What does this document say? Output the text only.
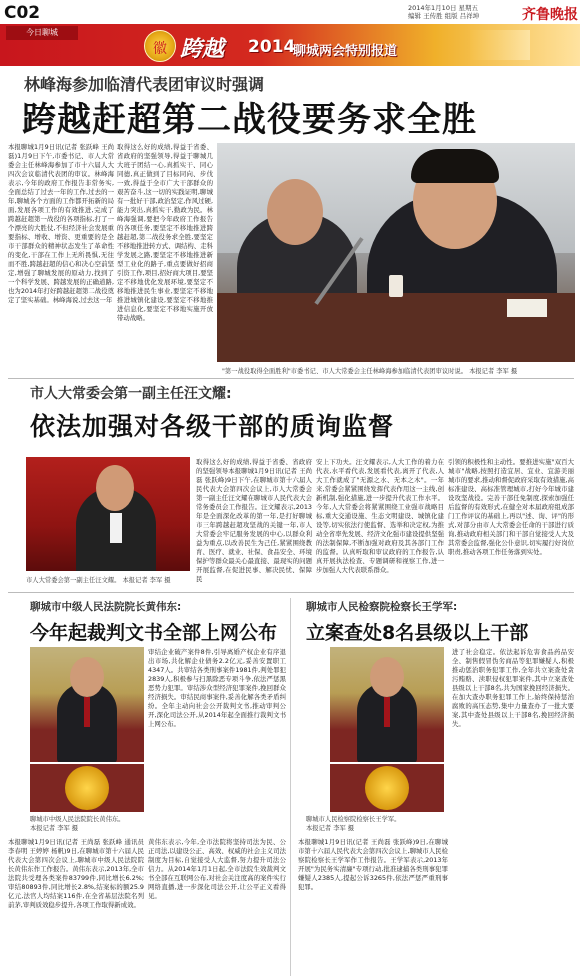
C02	2014年1月10日 星期五
编辑 王传胜 组版 吕祥坤	齐鲁晚报
今日聊城
徽 跨越 2014
聊城两会特别报道
林峰海参加临清代表团审议时强调
跨越赶超第二战役要务求全胜
本报聊城1月9日讯(记者 张跃峰 王尚磊)1月9日下午,市委书记、市人大常委会主任林峰海参加了市十六届人大四次会议临清代表团的审议。林峰海表示,今年的政府工作报告非常务实,全面总结了过去一年的工作,过去的一年,聊城各个方面的工作都开拓新的局面,发展各项工作的有效推进,完成了跨越赶超第一战役的各项指标,打了一个漂亮的大胜仗,不但经济社会发展重要指标、增收、增资、更重要的是全市干部群众的精神状态发生了革命性的变化,干部在工作上无所畏惧,无往而不胜,跨越赶超的信心和决心空前坚定,增强了聊城发展的原动力,找到了一个科学发展、跨越发展的正确道路,也为2014年打好跨越赶超第二战役奠定了坚实基础。林峰海说,过去这一年
取得这么好的成绩,得益于省委、省政府的坚强领导,得益于聊城几大班子团结一心,真抓实干、同心同德,真正做到了目标同向、步伐一致,得益于全市广大干部群众的艰苦奋斗,这一切的实践证明,聊城有一批好干部,政治坚定,作风过硬,能力突出,真抓实干,勤政为民。林峰海强调,要把今年政府工作报告的各项任务,要坚定不移地推进跨越赶超,第二战役务求全胜,要坚定不移地推进转方式、调结构、走科学发展之路,要坚定不移地推进新型工业化的路子,重点要做好招商引资工作,项目,招好商大项目,要坚定不移地优化发展环境,要坚定不移地推进民生事业,要坚定不移地推进城镇化建设,要坚定不移地推进信息化,要坚定不移地实施开放带动战略。
"第一战役取得全面胜利"市委书记、市人大常委会主任林峰海参加临清代表团审议时说。 本报记者 李军 摄
市人大常委会第一副主任汪文耀:
依法加强对各级干部的质询监督
市人大常委会第一副主任汪文耀。 本报记者 李军 摄
取得这么好的成绩,得益于省委、省政府的坚强领导本报聊城1月9日讯(记者 王尚磊 张跃峰)9日下午,在聊城市第十六届人民代表大会第四次会议上,市人大常委会第一副主任汪文耀在聊城市人民代表大会常务委员会工作报告。汪文耀表示,2013年是全面深化改革的第一年,是打好聊城市三年跨越赶超攻坚战的关键一年,市人大常委会牢记服务发展的中心,以群众利益为重点,以改善民生为己任,紧紧围绕教育、医疗、就业、社保、食品安全、环境保护等群众最关心最直接、最现实的问题开展监督,在促进民事、解决民忧、保障民
安上下功夫。汪文耀表示,人大工作的着力在代表,水平看代表,发展看代表,离开了代表,人大工作就成了"无源之水、无本之木"。一年来,常委会紧紧围绕发挥代表作用这一主线,创新机制,强化措施,进一步提升代表工作水平。今年,人大常委会将紧紧围绕工业强市战略目标,重大交通设施、生态文明建设、城镇化建设等,切实依法行使监督、选举和决定权,为推动全省率先发展、经济文化强市建设提供坚强的法制保障,不断加强对政府及其各部门工作的监督。认真听取和审议政府的工作报告,认真开展执法检查、专题调研和视察工作,进一步加强人大代表联系群众。
引领的积极性和主动性。要推进实施"双百大城市"战略,按照打造宜居、宜业、宜游美丽城市的要求,推动和督促政府采取有效措施,高标准建设、高标准管理城市,打好今年城市建设攻坚战役。完善干部任免制度,探索加强任后监督的有效形式,在健全对本届政府组成部门工作评议的基础上,再以"述、询、评"的形式,对部分由市人大常委会任命的干部进行质询,推动政府相关部门和干部自觉接受人大及其常委会监督,强化公仆意识,切实履行好岗位职责,推动各项工作任务落到实处。
聊城市中级人民法院院长黄伟东:
今年起裁判文书全部上网公布
聊城市中级人民法院院长黄伟东。
本报记者 李军 摄
审结企业破产案件8件,引导离婚产权企业有序退出市场,共化解企业债务2.2亿元,妥善安置职工4347人。共审结各类刑事案件1981件,判处罪犯2839人,积极参与扫黑除恶专项斗争,依法严惩黑恶势力犯罪。审结涉众型经济犯罪案件,挽回群众经济损失。审结民商事案件,妥善化解各类矛盾纠纷。全年主动向社会公开裁判文书,推动审判公开,深化司法公开,从2014年起全面推行裁判文书上网公布。
本报聊城1月9日讯(记者 王尚磊 张跃峰 通讯员 李春明 王婷婷 杨帆)9日,在聊城市第十六届人民代表大会第四次会议上,聊城市中级人民法院院长黄伟东作工作报告。黄伟东表示,2013年,全市法院共受理各类案件83799件,同比增长6.2%;审结80893件,同比增长2.8%,结案标的额25.9亿元,法官人均结案116件,在全省基层法院名列前茅,审判质效稳步提升,各项工作取得新成效。
黄伟东表示,今年,全市法院将坚持司法为民、公正司法,以建设公正、高效、权威的社会主义司法制度为目标,自觉接受人大监督,努力提升司法公信力。从2014年1月1日起,全市法院生效裁判文书全部在互联网公布,对社会关注度高的案件实行网络直播,进一步深化司法公开,让公平正义看得见。
聊城市人民检察院检察长王学军:
立案查处8名县级以上干部
聊城市人民检察院检察长王学军。
本报记者 李军 摄
进了社会稳定。依法起诉危害食品药品安全、制售假冒伪劣商品等犯罪嫌疑人,积极推动惩治职务犯罪工作,全年共立案查处贪污贿赂、渎职侵权犯罪案件,其中立案查处县级以上干部8名,共为国家挽回经济损失。在加大查办职务犯罪工作上,始终保持惩治腐败的高压态势,集中力量查办了一批大要案,其中查处县级以上干部8名,挽回经济损失。
本报聊城1月9日讯(记者 王尚磊 张跃峰)9日,在聊城市第十六届人民代表大会第四次会议上,聊城市人民检察院检察长王学军作工作报告。王学军表示,2013年开展"为民务实清廉"专项行动,批准逮捕各类刑事犯罪嫌疑人2385人,提起公诉3265件,依法严惩严重刑事犯罪。
